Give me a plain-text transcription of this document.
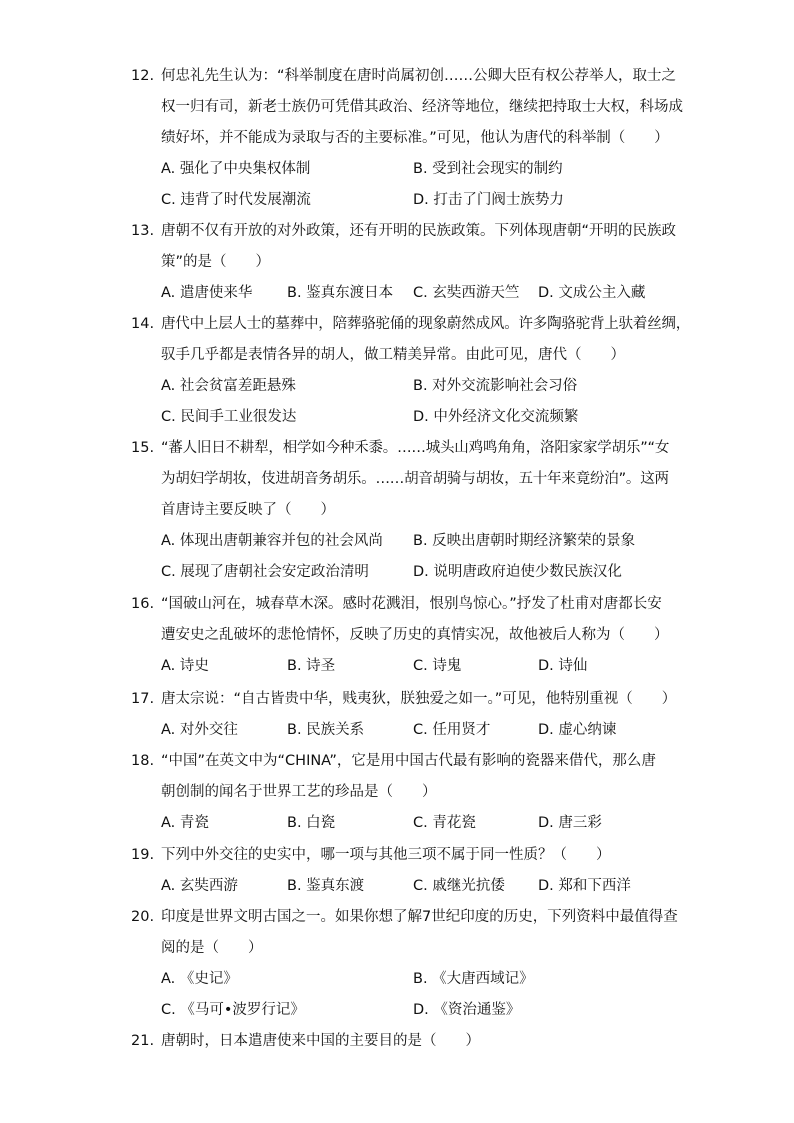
12. 何忠礼先生认为：“科举制度在唐时尚属初创……公卿大臣有权公荐举人，取士之
权一归有司，新老士族仍可凭借其政治、经济等地位，继续把持取士大权，科场成
绩好坏，并不能成为录取与否的主要标准。”可见，他认为唐代的科举制（　　）
A. 强化了中央集权体制	B. 受到社会现实的制约
C. 违背了时代发展潮流	D. 打击了门阀士族势力
13. 唐朝不仅有开放的对外政策，还有开明的民族政策。下列体现唐朝“开明的民族政
策”的是（　　）
A. 遣唐使来华 B. 鉴真东渡日本 C. 玄奘西游天竺 D. 文成公主入藏
14. 唐代中上层人士的墓葬中，陪葬骆驼俑的现象蔚然成风。许多陶骆驼背上驮着丝绸，
驭手几乎都是表情各异的胡人，做工精美异常。由此可见，唐代（　　）
A. 社会贫富差距悬殊	B. 对外交流影响社会习俗
C. 民间手工业很发达	D. 中外经济文化交流频繁
15. “蕃人旧日不耕犁，相学如今种禾黍。……城头山鸡鸣角角，洛阳家家学胡乐”“女
为胡妇学胡妆，伎进胡音务胡乐。……胡音胡骑与胡妆，五十年来竟纷泊”。这两
首唐诗主要反映了（　　）
A. 体现出唐朝兼容并包的社会风尚 B. 反映出唐朝时期经济繁荣的景象
C. 展现了唐朝社会安定政治清明	D. 说明唐政府迫使少数民族汉化
16. “国破山河在，城春草木深。感时花溅泪，恨别鸟惊心。”抒发了杜甫对唐都长安
遭安史之乱破坏的悲怆情怀，反映了历史的真情实况，故他被后人称为（　　）
A. 诗史	B. 诗圣	C. 诗鬼	D. 诗仙
17. 唐太宗说：“自古皆贵中华，贱夷狄，朕独爱之如一。”可见，他特别重视（　　）
A. 对外交往	B. 民族关系	C. 任用贤才	D. 虚心纳谏
18. “中国”在英文中为“CHINA”，它是用中国古代最有影响的瓷器来借代，那么唐
朝创制的闻名于世界工艺的珍品是（　　）
A. 青瓷	B. 白瓷	C. 青花瓷	D. 唐三彩
19. 下列中外交往的史实中，哪一项与其他三项不属于同一性质？（　　）
A. 玄奘西游	B. 鉴真东渡	C. 戚继光抗倭 D. 郑和下西洋
20. 印度是世界文明古国之一。如果你想了解7世纪印度的历史，下列资料中最值得查
阅的是（　　）
A. 《史记》	B. 《大唐西域记》
C. 《马可•波罗行记》	D. 《资治通鉴》
21. 唐朝时，日本遣唐使来中国的主要目的是（　　）
